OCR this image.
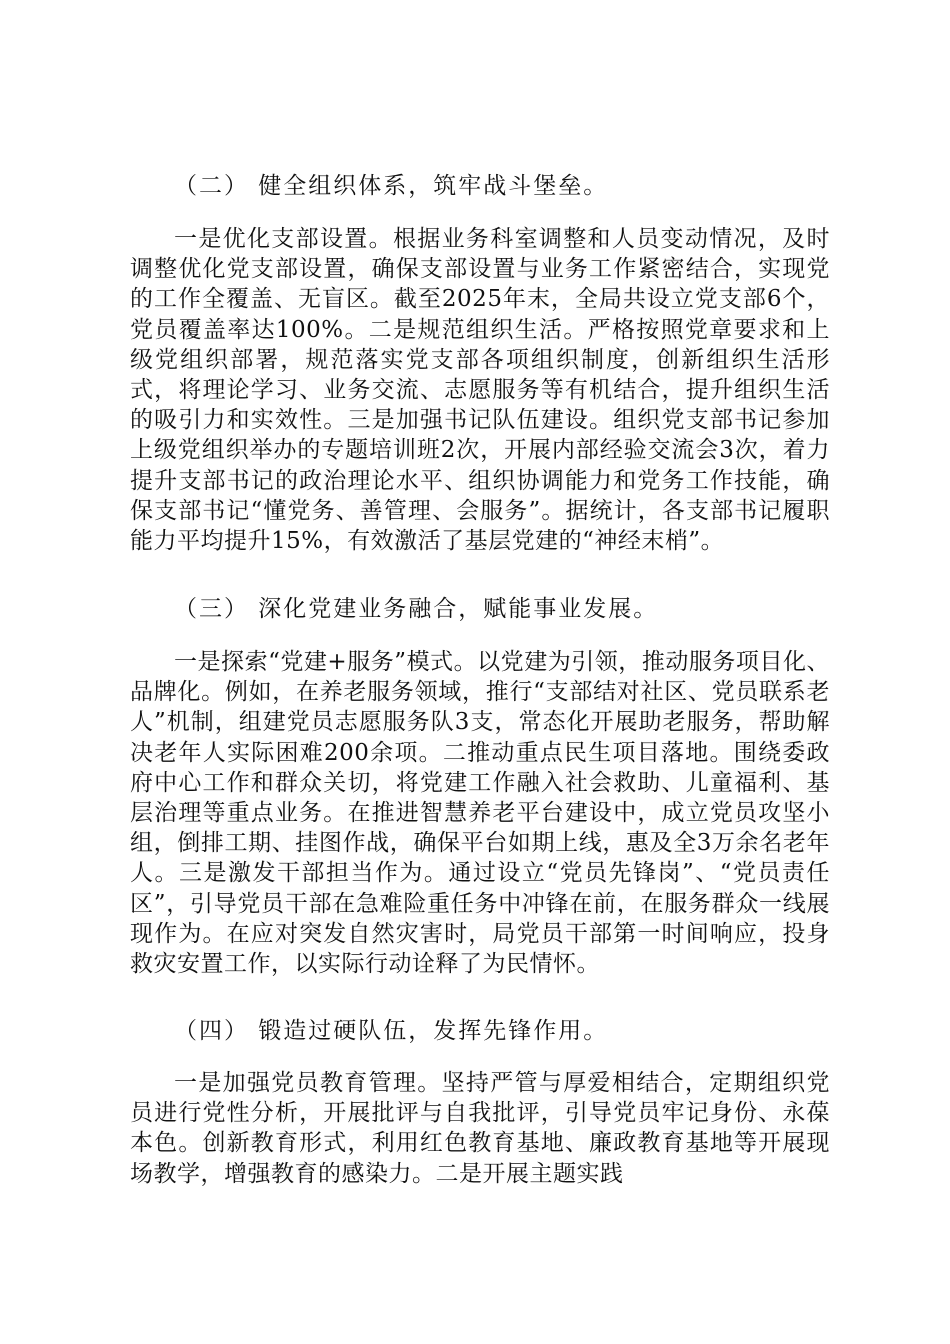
（二） 健全组织体系，筑牢战斗堡垒。
一是优化支部设置。根据业务科室调整和人员变动情况，及时调整优化党支部设置，确保支部设置与业务工作紧密结合，实现党的工作全覆盖、无盲区。截至2025年末，全局共设立党支部6个，党员覆盖率达100%。二是规范组织生活。严格按照党章要求和上级党组织部署，规范落实党支部各项组织制度，创新组织生活形式，将理论学习、业务交流、志愿服务等有机结合，提升组织生活的吸引力和实效性。三是加强书记队伍建设。组织党支部书记参加上级党组织举办的专题培训班2次，开展内部经验交流会3次，着力提升支部书记的政治理论水平、组织协调能力和党务工作技能，确保支部书记“懂党务、善管理、会服务”。据统计，各支部书记履职能力平均提升15%，有效激活了基层党建的“神经末梢”。
（三） 深化党建业务融合，赋能事业发展。
一是探索“党建+服务”模式。以党建为引领，推动服务项目化、品牌化。例如，在养老服务领域，推行“支部结对社区、党员联系老人”机制，组建党员志愿服务队3支，常态化开展助老服务，帮助解决老年人实际困难200余项。二推动重点民生项目落地。围绕委政府中心工作和群众关切，将党建工作融入社会救助、儿童福利、基层治理等重点业务。在推进智慧养老平台建设中，成立党员攻坚小组，倒排工期、挂图作战，确保平台如期上线，惠及全3万余名老年人。三是激发干部担当作为。通过设立“党员先锋岗”、“党员责任区”，引导党员干部在急难险重任务中冲锋在前，在服务群众一线展现作为。在应对突发自然灾害时，局党员干部第一时间响应，投身救灾安置工作，以实际行动诠释了为民情怀。
（四） 锻造过硬队伍，发挥先锋作用。
一是加强党员教育管理。坚持严管与厚爱相结合，定期组织党员进行党性分析，开展批评与自我批评，引导党员牢记身份、永葆本色。创新教育形式，利用红色教育基地、廉政教育基地等开展现场教学，增强教育的感染力。二是开展主题实践
